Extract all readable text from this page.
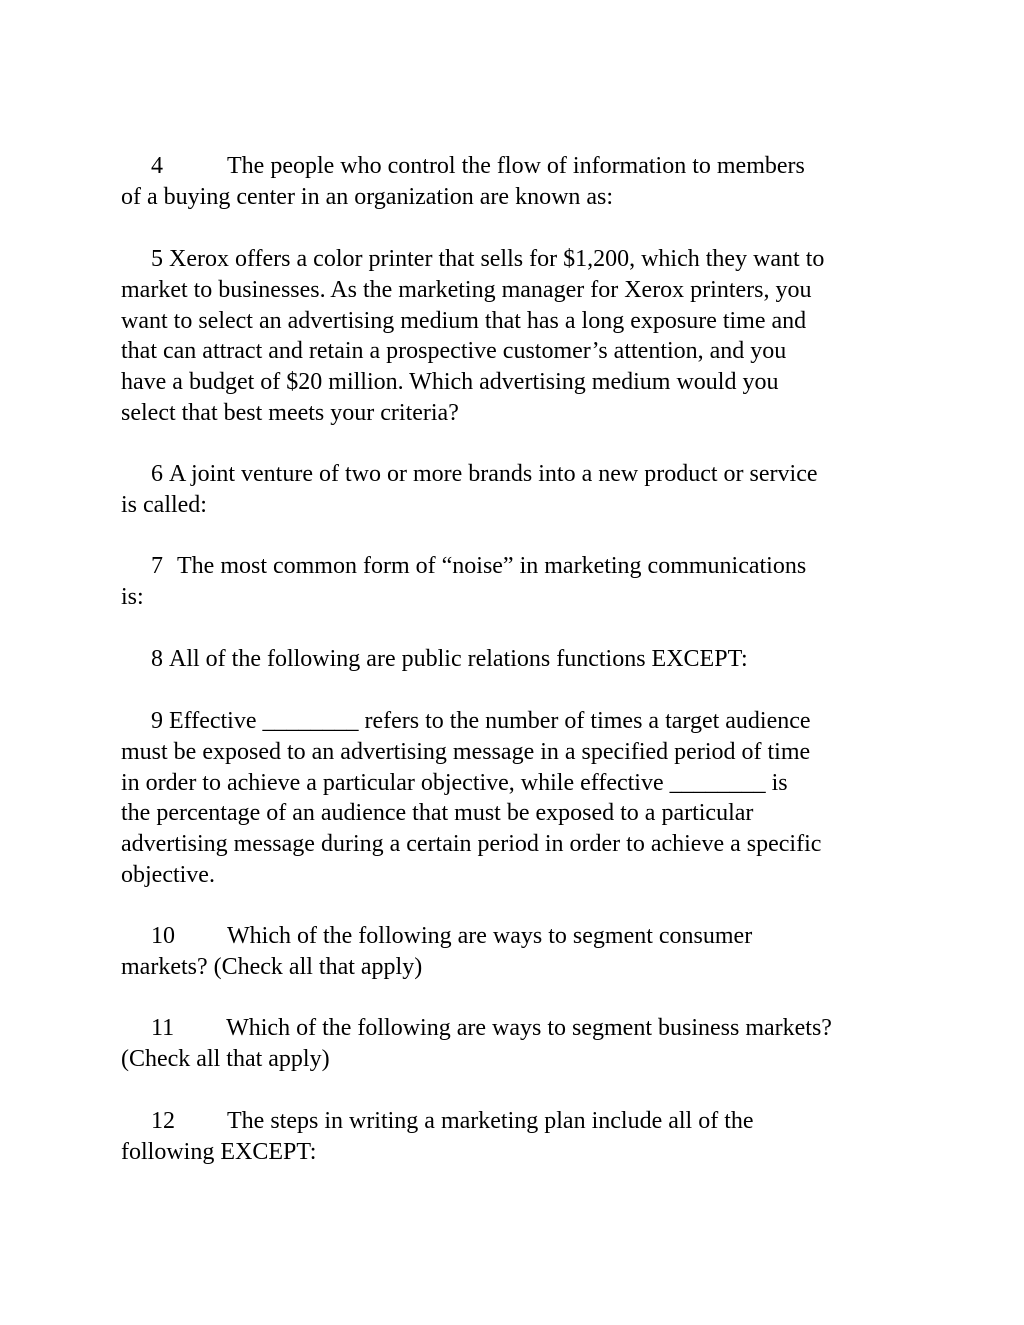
4	The people who control the flow of information to members
of a buying center in an organization are known as:
5 Xerox offers a color printer that sells for $1,200, which they want to
market to businesses. As the marketing manager for Xerox printers, you
want to select an advertising medium that has a long exposure time and
that can attract and retain a prospective customer’s attention, and you
have a budget of $20 million. Which advertising medium would you
select that best meets your criteria?
6 A joint venture of two or more brands into a new product or service
is called:
7 The most common form of “noise” in marketing communications
is:
8 All of the following are public relations functions EXCEPT:
9 Effective ________ refers to the number of times a target audience
must be exposed to an advertising message in a specified period of time
in order to achieve a particular objective, while effective ________ is
the percentage of an audience that must be exposed to a particular
advertising message during a certain period in order to achieve a specific
objective.
10 Which of the following are ways to segment consumer
markets? (Check all that apply)
11 Which of the following are ways to segment business markets?
(Check all that apply)
12 The steps in writing a marketing plan include all of the
following EXCEPT:
